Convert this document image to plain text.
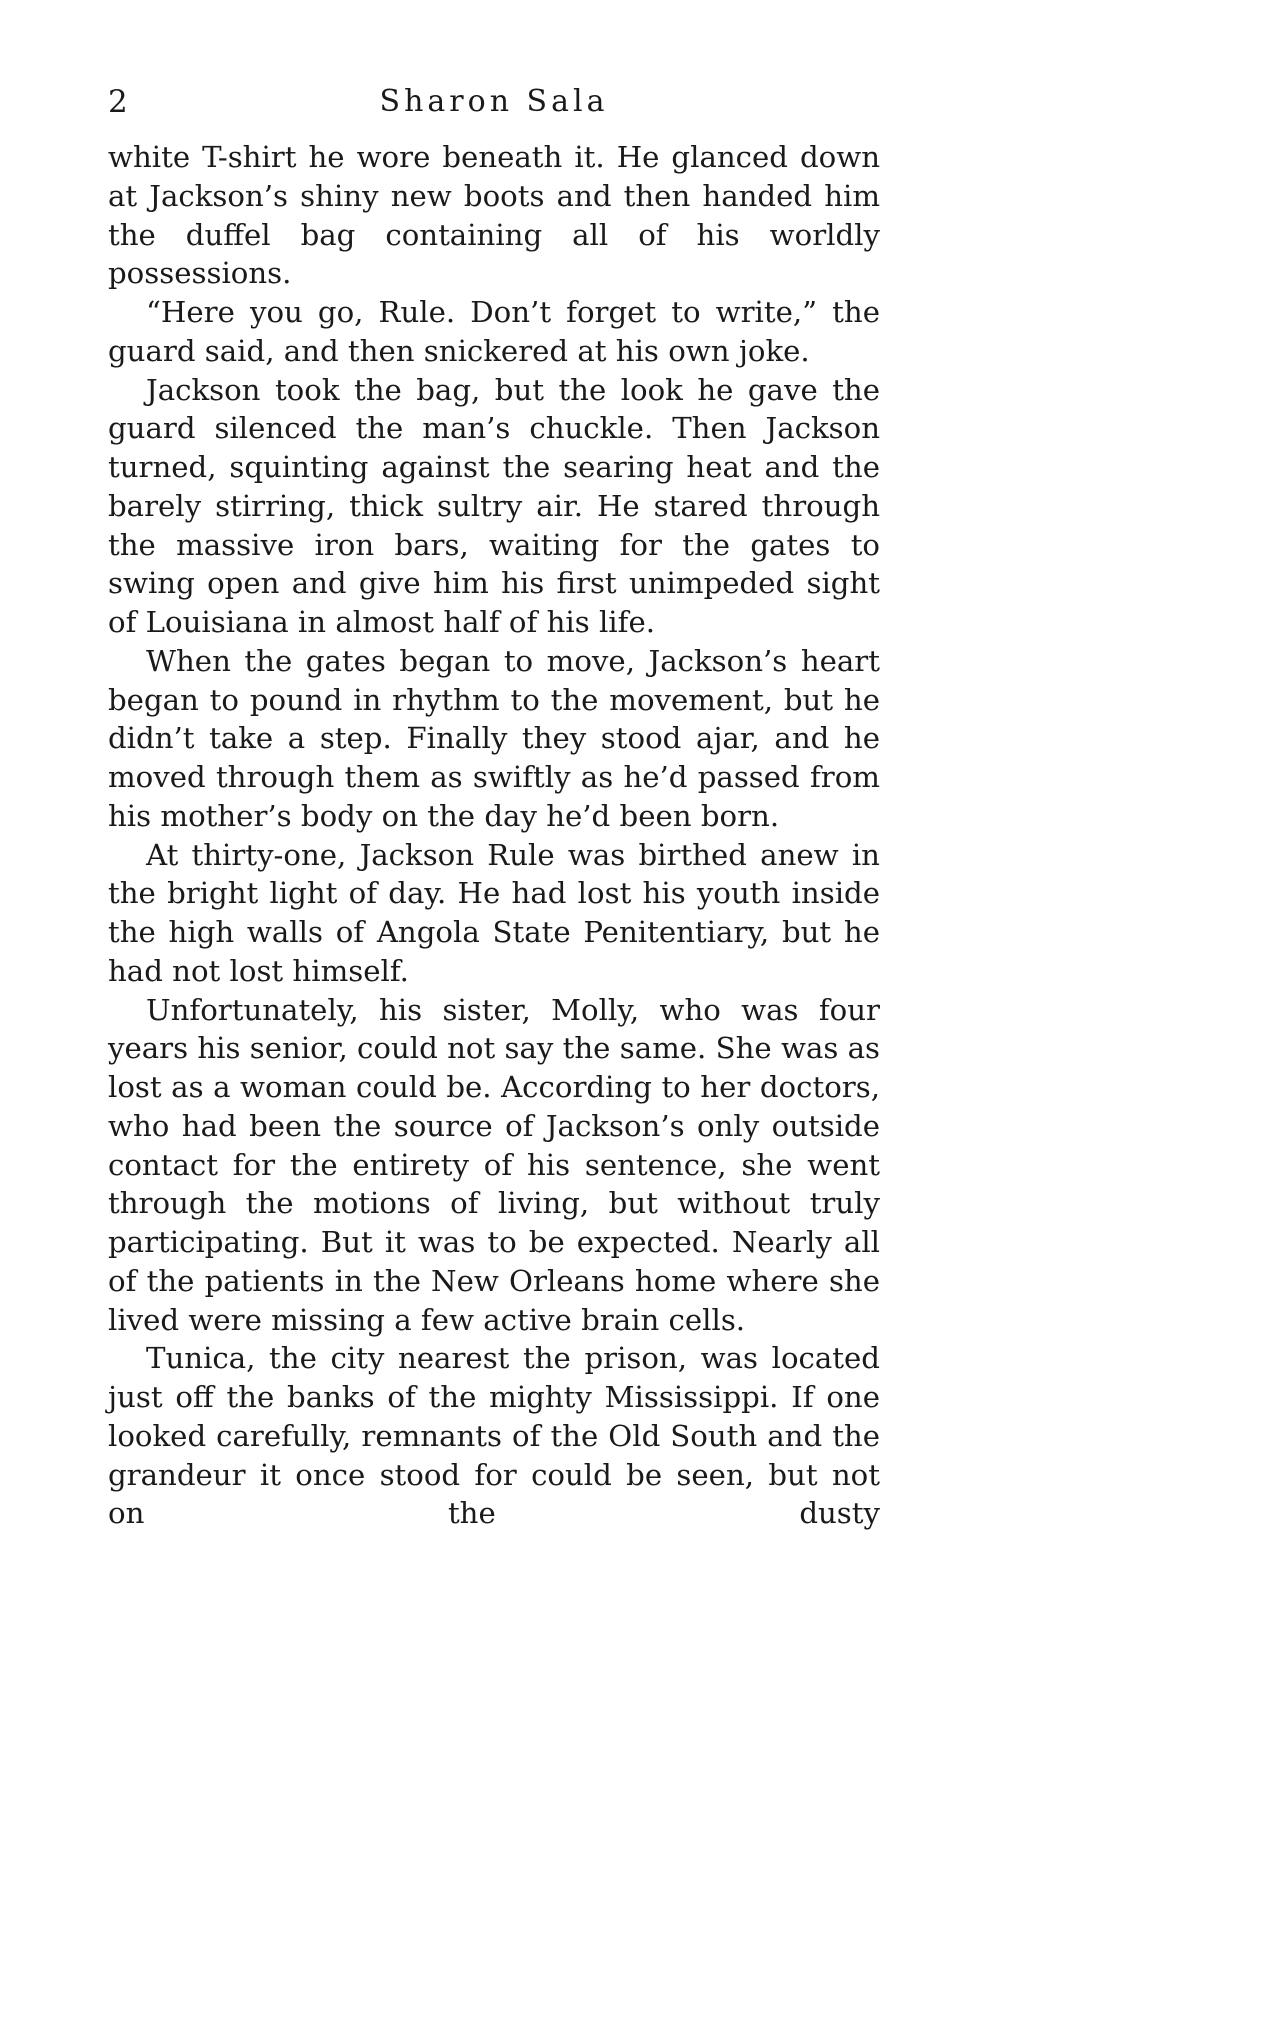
2	Sharon Sala

white T-shirt he wore beneath it. He glanced down at Jackson’s shiny new boots and then handed him the duffel bag containing all of his worldly possessions.

“Here you go, Rule. Don’t forget to write,” the guard said, and then snickered at his own joke.

Jackson took the bag, but the look he gave the guard silenced the man’s chuckle. Then Jackson turned, squinting against the searing heat and the barely stirring, thick sultry air. He stared through the massive iron bars, waiting for the gates to swing open and give him his first unimpeded sight of Louisiana in almost half of his life.

When the gates began to move, Jackson’s heart began to pound in rhythm to the movement, but he didn’t take a step. Finally they stood ajar, and he moved through them as swiftly as he’d passed from his mother’s body on the day he’d been born.

At thirty-one, Jackson Rule was birthed anew in the bright light of day. He had lost his youth inside the high walls of Angola State Penitentiary, but he had not lost himself.

Unfortunately, his sister, Molly, who was four years his senior, could not say the same. She was as lost as a woman could be. According to her doctors, who had been the source of Jackson’s only outside contact for the entirety of his sentence, she went through the motions of living, but without truly participating. But it was to be expected. Nearly all of the patients in the New Orleans home where she lived were missing a few active brain cells.

Tunica, the city nearest the prison, was located just off the banks of the mighty Mississippi. If one looked carefully, remnants of the Old South and the grandeur it once stood for could be seen, but not on the dusty
